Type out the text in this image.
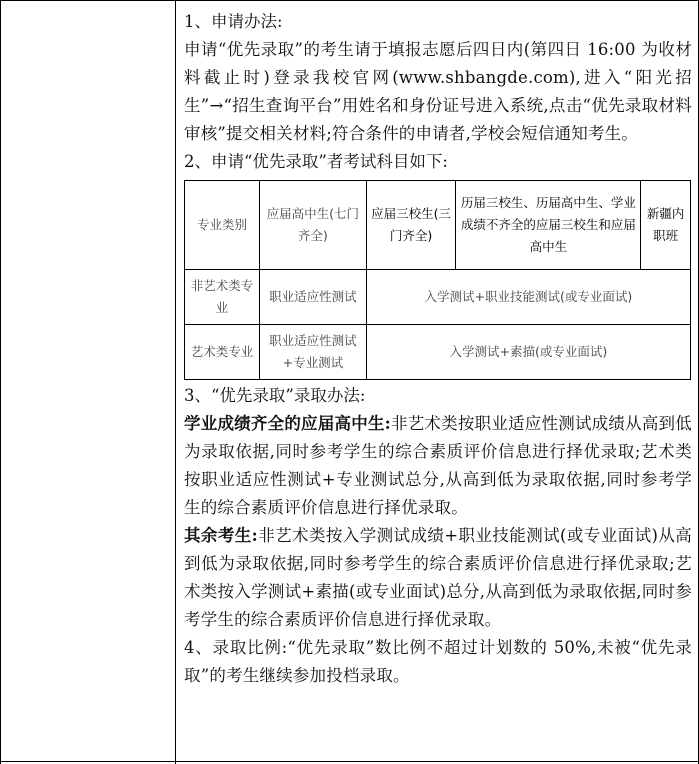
1、申请办法:

申请“优先录取”的考生请于填报志愿后四日内(第四日 16:00 为收材料截止时)登录我校官网(www.shbangde.com),进入“阳光招生”→“招生查询平台”用姓名和身份证号进入系统,点击“优先录取材料审核”提交相关材料;符合条件的申请者,学校会短信通知考生。

2、申请“优先录取”者考试科目如下:

专业类别	应届高中生(七门齐全)	应届三校生(三门齐全)	历届三校生、历届高中生、学业成绩不齐全的应届三校生和应届高中生	新疆内职班
非艺术类专业	职业适应性测试	入学测试+职业技能测试(或专业面试)		
艺术类专业	职业适应性测试+专业测试	入学测试+素描(或专业面试)		

3、“优先录取”录取办法:

学业成绩齐全的应届高中生:非艺术类按职业适应性测试成绩从高到低为录取依据,同时参考学生的综合素质评价信息进行择优录取;艺术类按职业适应性测试+专业测试总分,从高到低为录取依据,同时参考学生的综合素质评价信息进行择优录取。

其余考生:非艺术类按入学测试成绩+职业技能测试(或专业面试)从高到低为录取依据,同时参考学生的综合素质评价信息进行择优录取;艺术类按入学测试+素描(或专业面试)总分,从高到低为录取依据,同时参考学生的综合素质评价信息进行择优录取。

4、录取比例:“优先录取”数比例不超过计划数的 50%,未被“优先录取”的考生继续参加投档录取。
